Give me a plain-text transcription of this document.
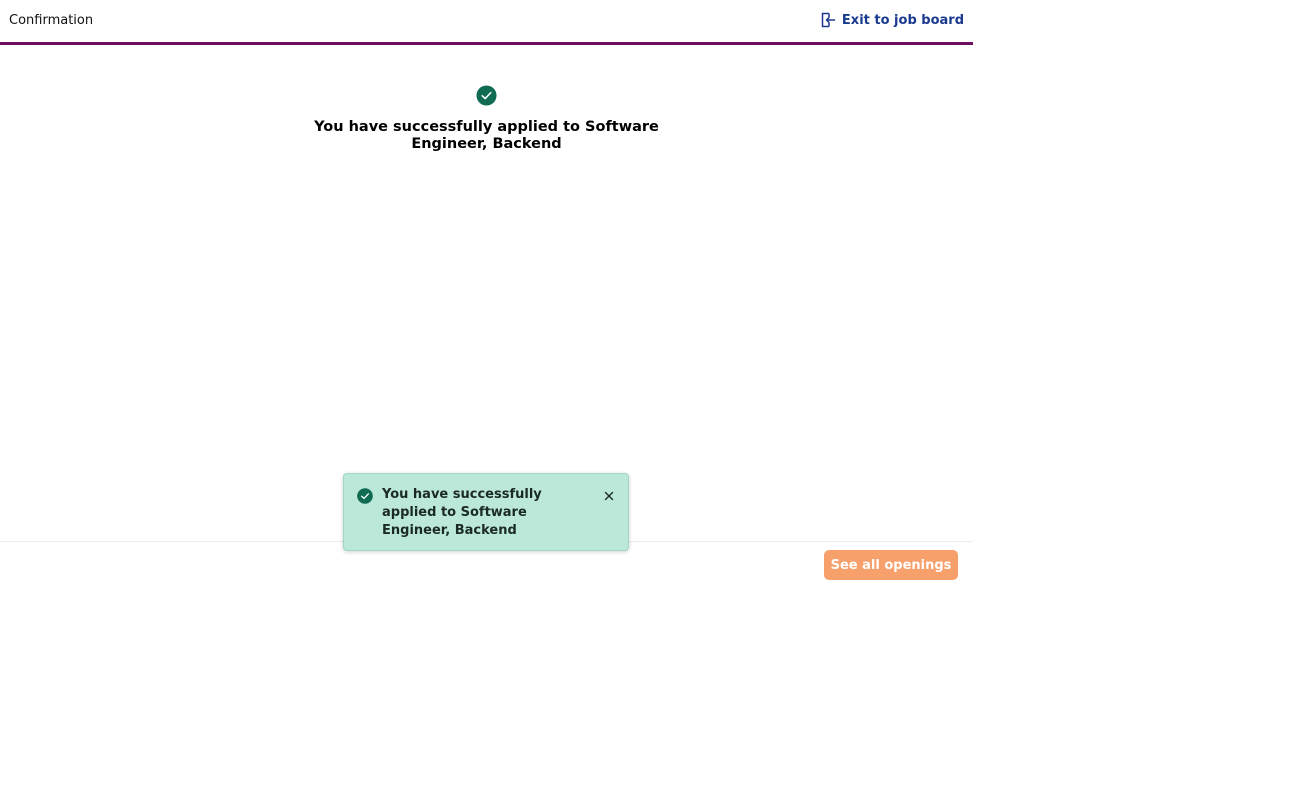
Confirmation	Exit to job board
You have successfully applied to Software Engineer, Backend
See all openings
You have successfully applied to Software Engineer, Backend
